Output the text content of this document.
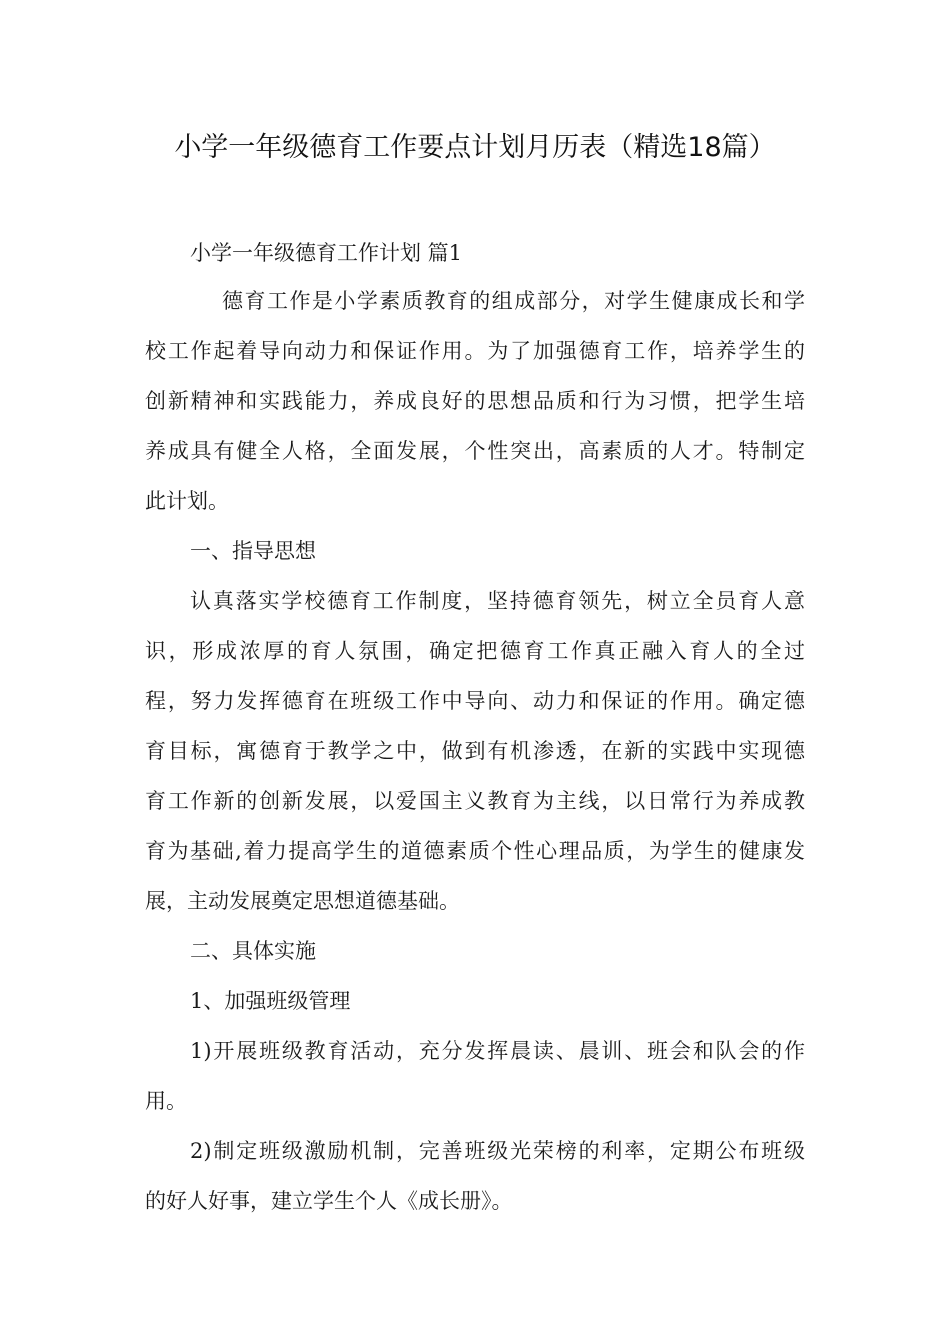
小学一年级德育工作要点计划月历表（精选18篇）
小学一年级德育工作计划 篇1
德育工作是小学素质教育的组成部分，对学生健康成长和学
校工作起着导向动力和保证作用。为了加强德育工作，培养学生的
创新精神和实践能力，养成良好的思想品质和行为习惯，把学生培
养成具有健全人格，全面发展，个性突出，高素质的人才。特制定
此计划。
一、指导思想
认真落实学校德育工作制度，坚持德育领先，树立全员育人意
识，形成浓厚的育人氛围，确定把德育工作真正融入育人的全过
程，努力发挥德育在班级工作中导向、动力和保证的作用。确定德
育目标，寓德育于教学之中，做到有机渗透，在新的实践中实现德
育工作新的创新发展，以爱国主义教育为主线，以日常行为养成教
育为基础,着力提高学生的道德素质个性心理品质，为学生的健康发
展，主动发展奠定思想道德基础。
二、具体实施
1、加强班级管理
1)开展班级教育活动，充分发挥晨读、晨训、班会和队会的作
用。
2)制定班级激励机制，完善班级光荣榜的利率，定期公布班级
的好人好事，建立学生个人《成长册》。
